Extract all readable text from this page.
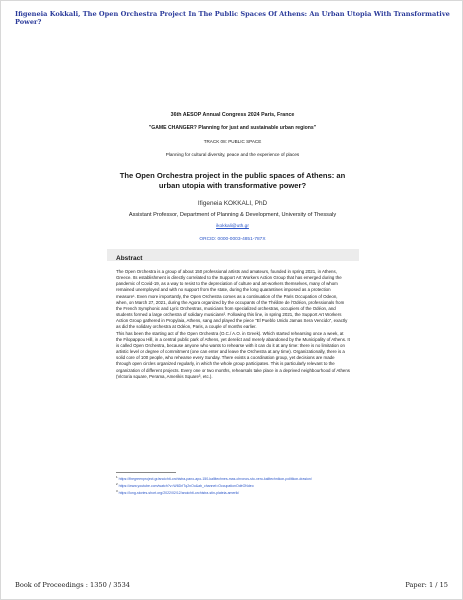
Ifigeneia Kokkali, The Open Orchestra Project In The Public Spaces Of Athens: An Urban Utopia With Transformative Power?
36th AESOP Annual Congress 2024 Paris, France
"GAME CHANGER? Planning for just and sustainable urban regions"
TRACK 08: PUBLIC SPACE
Planning for cultural diversity, peace and the experience of places
The Open Orchestra project in the public spaces of Athens: an urban utopia with transformative power?
Ifigeneia KOKKALI, PhD
Assistant Professor, Department of Planning & Development, University of Thessaly
ikokkali@uth.gr
ORCID: 0000-0003-4851-787X
Abstract
The Open Orchestra is a group of about 150 professional artists and amateurs, founded in spring 2021, in Athens, Greece. Its establishment is directly correlated to the Support Art Workers Action Group that has emerged during the pandemic of Covid-19, as a way to resist to the depreciation of culture and art-workers themselves, many of whom remained unemployed and with no support from the state, during the long quarantines imposed as a protection measure¹. Even more importantly, the Open Orchestra comes as a continuation of the Paris Occupation of Odeon, when, on March 27, 2021, during the Agora organized by the occupants of the Théâtre de l'Odéon, professionals from the French Symphonic and Lyric Orchestras, musicians from specialized orchestras, occupiers of the Odéon, and students formed a large orchestra of solidary musicians². Following this line, in spring 2021, the Support Art Workers Action Group gathered in Propylaia, Athens, sang and played the piece "El Pueblo Unido Jamas Sera Vencido", exactly as did the solidary orchestra at Odéon, Paris, a couple of months earlier.
This has been the starting act of the Open Orchestra (O.C./ A.O. in Greek). Which started rehearsing once a week, at the Filopappou Hill, in a central public park of Athens, yet derelict and merely abandoned by the Municipality of Athens. It is called Open Orchestra, because anyone who wants to rehearse with it can do it at any time: there is no limitation on artistic level or degree of commitment (one can enter and leave the Orchestra at any time). Organizationally, there is a solid core of 100 people, who rehearse every Sunday. There exists a coordination group, yet decisions are made through open circles organized regularly, in which the whole group participates. This is particularly relevant to the organization of different projects. Every one or two months, rehearsals take place in a deprived neighbourhood of Athens (Victoria square, Perama, Amerikis Square³, etc.).
$^1$ https://thegreenproject.gr/anoichti-orchistra-pano-apo-150-kallitechnes-mas-chronos-sto-xero-kalitechnikon-politikon-drasion/
$^2$ https://www.youtube.com/watch?v=W6DrlTq2nOo&ab_channel=OccupationOdéONdeo
$^3$ https://long-stories-short.org/2022/02/12/anoichti-orchistra-stin-plateia-amerik/
Book of Proceedings : 1350 / 3534	Paper: 1 / 15
